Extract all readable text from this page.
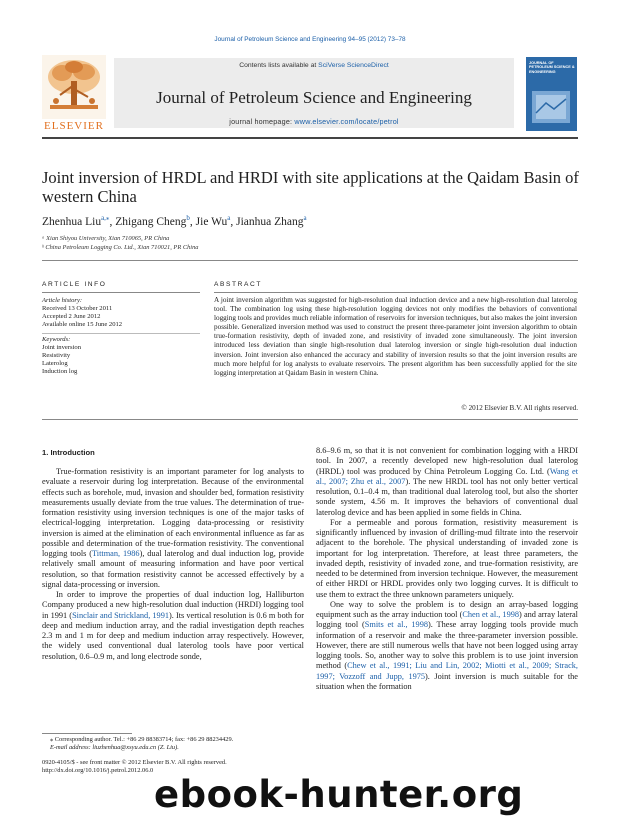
Journal of Petroleum Science and Engineering 94–95 (2012) 73–78
ELSEVIER
Contents lists available at SciVerse ScienceDirect
Journal of Petroleum Science and Engineering
journal homepage: www.elsevier.com/locate/petrol
JOURNAL OF PETROLEUM SCIENCE & ENGINEERING
Joint inversion of HRDL and HRDI with site applications at the Qaidam Basin of western China
Zhenhua Liu$^{a,⁎}$, Zhigang Cheng$^b$, Jie Wu$^a$, Jianhua Zhang$^a$
ᵃ Xian Shiyou University, Xian 710065, PR China
ᵇ China Petroleum Logging Co. Ltd., Xian 710021, PR China
ARTICLE INFO
Article history:
Received 13 October 2011
Accepted 2 June 2012
Available online 15 June 2012
Keywords:
Joint inversion
Resistivity
Laterolog
Induction log
ABSTRACT
A joint inversion algorithm was suggested for high-resolution dual induction device and a new high-resolution dual laterolog tool. The combination log using these high-resolution logging devices not only modifies the behaviors of conventional logging tools and provides much reliable information of reservoirs for inversion techniques, but also makes the joint inversion possible. Generalized inversion method was used to construct the present three-parameter joint inversion algorithm to obtain true-formation resistivity, depth of invaded zone, and resistivity of invaded zone simultaneously. The joint inversion introduced less deviation than single high-resolution dual laterolog inversion or single high-resolution dual induction inversion. Joint inversion also enhanced the accuracy and stability of inversion results so that the joint inversion results are much more helpful for log analysts to evaluate reservoirs. The present algorithm has been successfully applied for the site logging interpretation at Qaidam Basin in western China.
© 2012 Elsevier B.V. All rights reserved.
1. Introduction

True-formation resistivity is an important parameter for log analysts to evaluate a reservoir during log interpretation. Because of the environmental effects such as borehole, mud, invasion and shoulder bed, formation resistivity measurements usually deviate from the true values. The determination of true-formation resistivity using inversion techniques is one of the major tasks of electrical-logging interpretation. Logging data-processing or resistivity inversion is aimed at the elimination of each environmental influence as far as possible and determination of the true-formation resistivity. The conventional logging tools (Tittman, 1986), dual laterolog and dual induction log, provide relatively small amount of measuring information and have poor vertical resolution, so that formation resistivity cannot be accessed effectively by a signal data-processing or inversion.

In order to improve the properties of dual induction log, Halliburton Company produced a new high-resolution dual induction (HRDI) logging tool in 1991 (Sinclair and Strickland, 1991). Its vertical resolution is 0.6 m both for deep and medium induction array, and the radial investigation depth reaches 2.3 m and 1 m for deep and medium induction array respectively. However, the widely used conventional dual laterolog tools have poor vertical resolution, 0.6–0.9 m, and long electrode sonde,

8.6–9.6 m, so that it is not convenient for combination logging with a HRDI tool. In 2007, a recently developed new high-resolution dual laterolog (HRDL) tool was produced by China Petroleum Logging Co. Ltd. (Wang et al., 2007; Zhu et al., 2007). The new HRDL tool has not only better vertical resolution, 0.1–0.4 m, than traditional dual laterolog tool, but also the shorter sonde system, 4.56 m. It improves the behaviors of conventional dual laterolog device and has been applied in some fields in China.

For a permeable and porous formation, resistivity measurement is significantly influenced by invasion of drilling-mud filtrate into the reservoir adjacent to the borehole. The physical understanding of invaded zone is important for log interpretation. Therefore, at least three parameters, the invaded depth, resistivity of invaded zone, and true-formation resistivity, are needed to be determined from inversion technique. However, the measurement of either HRDI or HRDL provides only two logging curves. It is difficult to use them to extract the three unknown parameters uniquely.

One way to solve the problem is to design an array-based logging equipment such as the array induction tool (Chen et al., 1998) and array lateral logging tool (Smits et al., 1998). These array logging tools provide much information of a reservoir and make the three-parameter inversion possible. However, there are still numerous wells that have not been logged using array logging tools. So, another way to solve this problem is to use joint inversion method (Chew et al., 1991; Liu and Lin, 2002; Miotti et al., 2009; Strack, 1997; Vozzoff and Jupp, 1975). Joint inversion is much suitable for the situation when the formation

⁎ Corresponding author. Tel.: +86 29 88383714; fax: +86 29 88234429.
E-mail address: liuzhenhua@xsyu.edu.cn (Z. Liu).
0920-4105/$ - see front matter © 2012 Elsevier B.V. All rights reserved.
http://dx.doi.org/10.1016/j.petrol.2012.06.0
ebook-hunter.org
